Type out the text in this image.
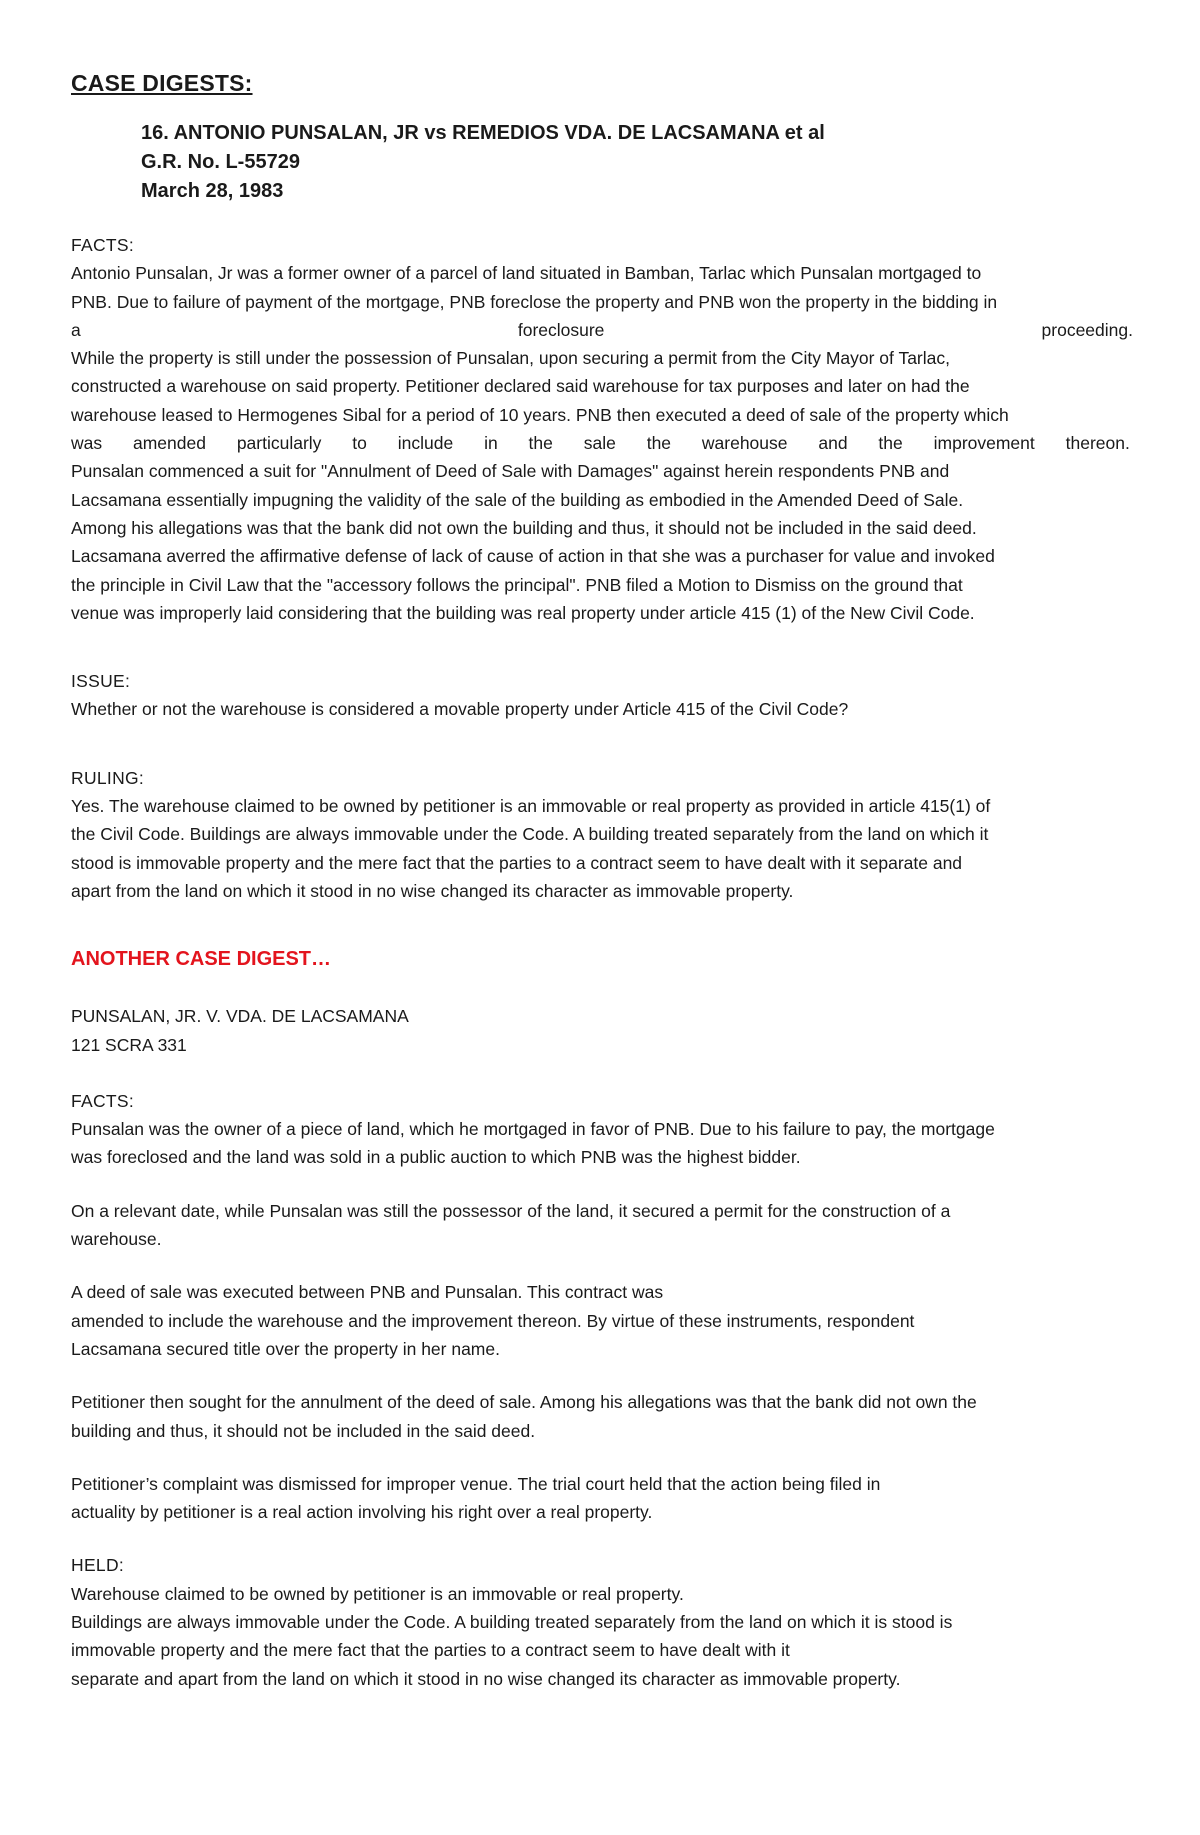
CASE DIGESTS:
16. ANTONIO PUNSALAN, JR vs REMEDIOS VDA. DE LACSAMANA et al
G.R. No. L-55729
March 28, 1983
FACTS:
Antonio Punsalan, Jr was a former owner of a parcel of land situated in Bamban, Tarlac which Punsalan mortgaged to
PNB. Due to failure of payment of the mortgage, PNB foreclose the property and PNB won the property in the bidding in
a	foreclosure	proceeding.
While the property is still under the possession of Punsalan, upon securing a permit from the City Mayor of Tarlac,
constructed a warehouse on said property. Petitioner declared said warehouse for tax purposes and later on had the
warehouse leased to Hermogenes Sibal for a period of 10 years. PNB then executed a deed of sale of the property which
was amended particularly to include in the sale the warehouse and the improvement thereon.
Punsalan commenced a suit for "Annulment of Deed of Sale with Damages" against herein respondents PNB and
Lacsamana essentially impugning the validity of the sale of the building as embodied in the Amended Deed of Sale.
Among his allegations was that the bank did not own the building and thus, it should not be included in the said deed.
Lacsamana averred the affirmative defense of lack of cause of action in that she was a purchaser for value and invoked
the principle in Civil Law that the "accessory follows the principal". PNB filed a Motion to Dismiss on the ground that
venue was improperly laid considering that the building was real property under article 415 (1) of the New Civil Code.
ISSUE:
Whether or not the warehouse is considered a movable property under Article 415 of the Civil Code?
RULING:
Yes. The warehouse claimed to be owned by petitioner is an immovable or real property as provided in article 415(1) of
the Civil Code. Buildings are always immovable under the Code. A building treated separately from the land on which it
stood is immovable property and the mere fact that the parties to a contract seem to have dealt with it separate and
apart from the land on which it stood in no wise changed its character as immovable property.
ANOTHER CASE DIGEST…
PUNSALAN, JR. V. VDA. DE LACSAMANA
121 SCRA 331
FACTS:
Punsalan was the owner of a piece of land, which he mortgaged in favor of PNB. Due to his failure to pay, the mortgage
was foreclosed and the land was sold in a public auction to which PNB was the highest bidder.
On a relevant date, while Punsalan was still the possessor of the land, it secured a permit for the construction of a
warehouse.
A deed of sale was executed between PNB and Punsalan. This contract was
amended to include the warehouse and the improvement thereon. By virtue of these instruments, respondent
Lacsamana secured title over the property in her name.
Petitioner then sought for the annulment of the deed of sale. Among his allegations was that the bank did not own the
building and thus, it should not be included in the said deed.
Petitioner’s complaint was dismissed for improper venue. The trial court held that the action being filed in
actuality by petitioner is a real action involving his right over a real property.
HELD:
Warehouse claimed to be owned by petitioner is an immovable or real property.
Buildings are always immovable under the Code. A building treated separately from the land on which it is stood is
immovable property and the mere fact that the parties to a contract seem to have dealt with it
separate and apart from the land on which it stood in no wise changed its character as immovable property.
